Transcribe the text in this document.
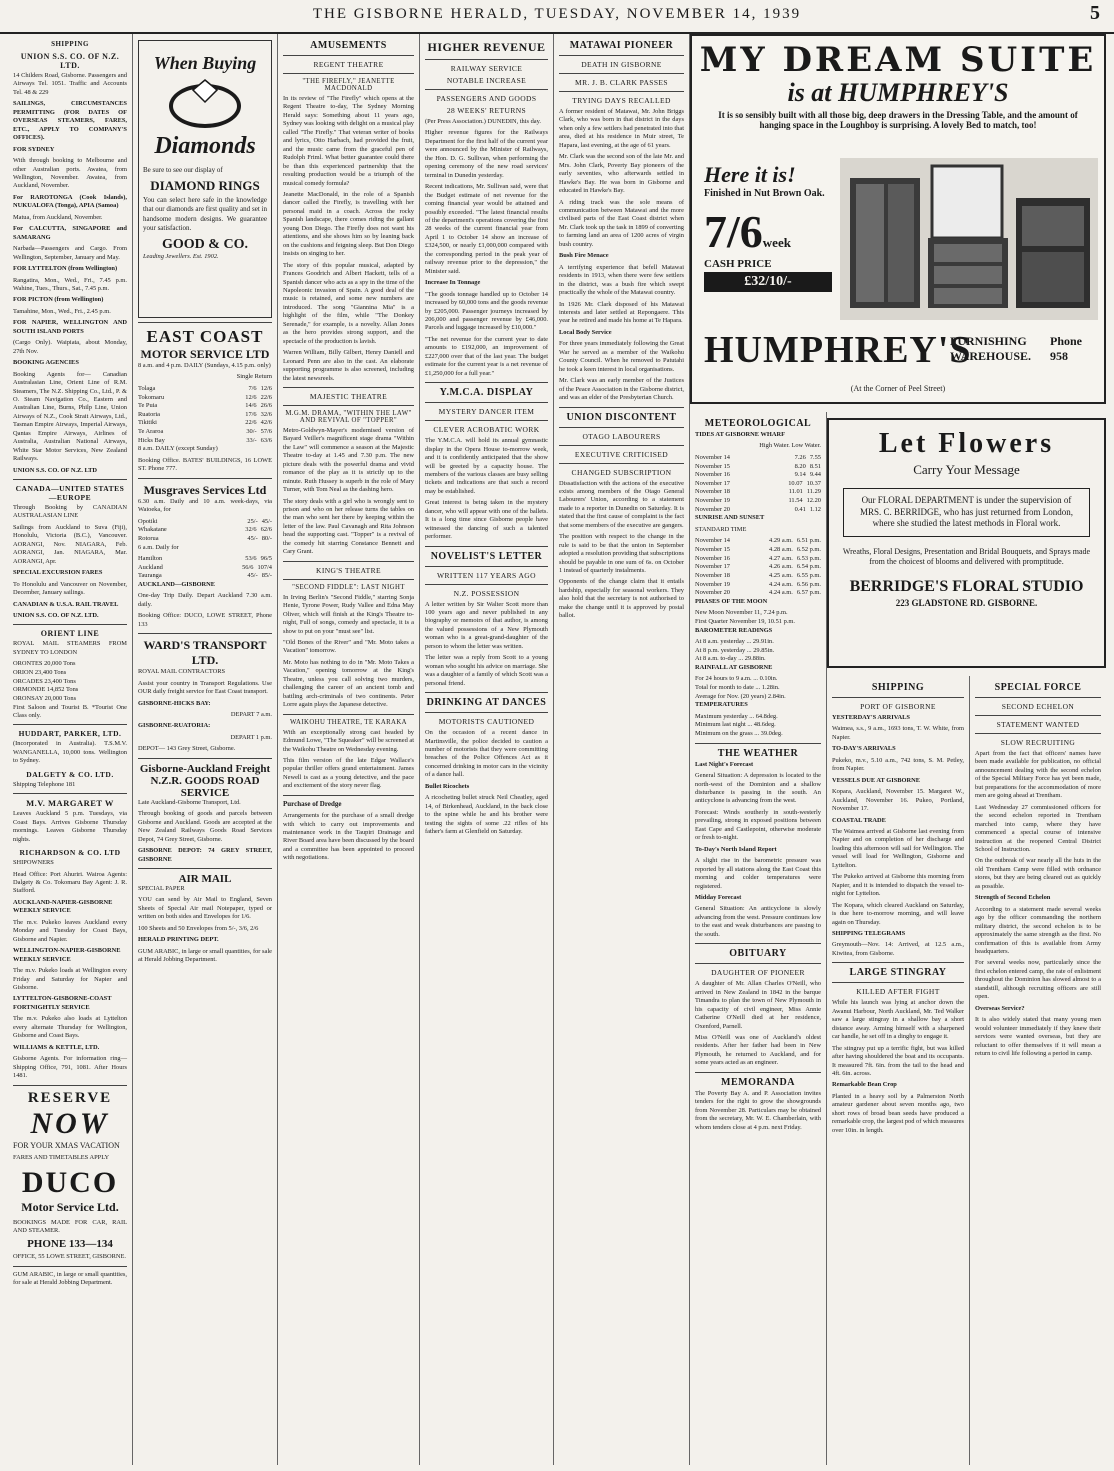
THE GISBORNE HERALD, TUESDAY, NOVEMBER 14, 1939	5
SHIPPING
UNION S.S. CO. OF N.Z. LTD.

14 Childers Road, Gisborne. Passengers and Airways Tel. 1051. Traffic and Accounts Tel. 48 & 229

SAILINGS, CIRCUMSTANCES PERMITTING (FOR DATES OF OVERSEAS STEAMERS, FARES, ETC., APPLY TO COMPANY'S OFFICES).

FOR SYDNEY

With through booking to Melbourne and other Australian ports. Awatea, from Wellington, November. Awatea, from Auckland, November.

For RAROTONGA (Cook Islands), NUKUALOFA (Tonga), APIA (Samoa)

Matua, from Auckland, November.

For CALCUTTA, SINGAPORE and SAMARANG

Narbada—Passengers and Cargo. From Wellington, September, January and May.

FOR LYTTELTON (from Wellington)

Rangatira, Mon., Wed., Fri., 7.45 p.m. Wahine, Tues., Thurs., Sat., 7.45 p.m.

FOR PICTON (from Wellington)

Tamahine, Mon., Wed., Fri., 2.45 p.m.

FOR NAPIER, WELLINGTON AND SOUTH ISLAND PORTS

(Cargo Only). Waipiata, about Monday, 27th Nov.

BOOKING AGENCIES

Booking Agents for— Canadian Australasian Line, Orient Line of R.M. Steamers, The N.Z. Shipping Co., Ltd., P. & O. Steam Navigation Co., Eastern and Australian Line, Burns, Philp Line, Union Airways of N.Z., Cook Strait Airways, Ltd., Tasman Empire Airways, Imperial Airways, Qantas Empire Airways, Airlines of Australia, Australian National Airways, White Star Motor Services, New Zealand Railways.

UNION S.S. CO. OF N.Z. LTD

CANADA—UNITED STATES —EUROPE

Through Booking by CANADIAN AUSTRALASIAN LINE

Sailings from Auckland to Suva (Fiji), Honolulu, Victoria (B.C.), Vancouver. AORANGI, Nov. NIAGARA, Feb. AORANGI, Jan. NIAGARA, Mar. AORANGI, Apr.

SPECIAL EXCURSION FARES

To Honolulu and Vancouver on November, December, January sailings.

CANADIAN & U.S.A. RAIL TRAVEL

UNION S.S. CO. OF N.Z. LTD.

ORIENT LINE

ROYAL MAIL STEAMERS FROM SYDNEY TO LONDON

ORONTES 20,000 Tons
ORION 23,400 Tons
ORCADES 23,400 Tons
ORMONDE 14,852 Tons
ORONSAY 20,000 Tons

First Saloon and Tourist B. *Tourist One Class only.

HUDDART, PARKER, LTD.

(Incorporated in Australia). T.S.M.V. WANGANELLA, 10,000 tons. Wellington to Sydney.

DALGETY & CO. LTD.

Shipping Telephone 181

M.V. MARGARET W

Leaves Auckland 5 p.m. Tuesdays, via Coast Bays. Arrives Gisborne Thursday mornings. Leaves Gisborne Thursday nights.

RICHARDSON & CO. LTD

SHIPOWNERS

Head Office: Port Ahuriri. Wairoa Agents: Dalgety & Co. Tokomaru Bay Agent: J. R. Stafford.

AUCKLAND-NAPIER-GISBORNE WEEKLY SERVICE

The m.v. Pukeko leaves Auckland every Monday and Tuesday for Coast Bays, Gisborne and Napier.

WELLINGTON-NAPIER-GISBORNE WEEKLY SERVICE

The m.v. Pukeko loads at Wellington every Friday and Saturday for Napier and Gisborne.

LYTTELTON-GISBORNE-COAST FORTNIGHTLY SERVICE

The m.v. Pukeko also loads at Lyttelton every alternate Thursday for Wellington, Gisborne and Coast Bays.

WILLIAMS & KETTLE, LTD.

Gisborne Agents. For information ring— Shipping Office, 791, 1081. After Hours 1481.

RESERVE
NOW

FOR YOUR XMAS VACATION

FARES AND TIMETABLES APPLY

DUCO
Motor Service Ltd.

BOOKINGS MADE FOR CAR, RAIL AND STEAMER.

PHONE 133—134

OFFICE, 55 LOWE STREET, GISBORNE.

GUM ARABIC, in large or small quantities, for sale at Herald Jobbing Department.

When Buying
Diamonds

Be sure to see our display of

DIAMOND RINGS

You can select here safe in the knowledge that our diamonds are first quality and set in handsome modern designs. We guarantee your satisfaction.

GOOD & CO.

Leading Jewellers. Est. 1902.

EAST COAST
MOTOR SERVICE LTD

8 a.m. and 4 p.m. DAILY (Sundays, 4.15 p.m. only)

Single Return

Tolaga	7/6 12/6
Tokomaru	12/6 22/6
Te Puia	14/6 26/6
Ruatoria	17/6 32/6
Tikitiki	22/6 42/6
Te Araroa	30/- 57/6
Hicks Bay	33/- 63/6

8 a.m. DAILY (except Sunday)

Booking Office. BATES' BUILDINGS, 16 LOWE ST. Phone 777.

Musgraves Services Ltd

6.30 a.m. Daily and 10 a.m. week-days, via Waioeka, for

Opotiki	25/- 45/-
Whakatane	32/6 62/6
Rotorua	45/- 80/-

6 a.m. Daily for

Hamilton	53/6 96/5
Auckland	56/6 107/4
Tauranga	45/- 85/-

AUCKLAND—GISBORNE

One-day Trip Daily. Depart Auckland 7.30 a.m. daily.

Booking Office: DUCO, LOWE STREET, Phone 133

WARD'S TRANSPORT LTD.

ROYAL MAIL CONTRACTORS

Assist your country in Transport Regulations. Use OUR daily freight service for East Coast transport.

GISBORNE-HICKS BAY:

DEPART 7 a.m.

GISBORNE-RUATORIA:

DEPART 1 p.m.

DEPOT— 143 Grey Street, Gisborne.

Gisborne-Auckland Freight
N.Z.R. GOODS ROAD SERVICE

Late Auckland-Gisborne Transport, Ltd.

Through booking of goods and parcels between Gisborne and Auckland. Goods are accepted at the New Zealand Railways Goods Road Services Depot, 74 Grey Street, Gisborne.

GISBORNE DEPOT: 74 GREY STREET, GISBORNE

AIR MAIL

SPECIAL PAPER

YOU can send by Air Mail to England, Seven Sheets of Special Air mail Notepaper, typed or written on both sides and Envelopes for 1/6.

100 Sheets and 50 Envelopes from 5/-, 3/6, 2/6

HERALD PRINTING DEPT.

GUM ARABIC, in large or small quantities, for sale at Herald Jobbing Department.

AMUSEMENTS
REGENT THEATRE
"THE FIREFLY," JEANETTE MACDONALD

In its review of "The Firefly" which opens at the Regent Theatre to-day, The Sydney Morning Herald says: Something about 11 years ago, Sydney was looking with delight on a musical play called "The Firefly." That veteran writer of books and lyrics, Otto Harbach, had provided the fruit, and the music came from the graceful pen of Rudolph Friml. What better guarantee could there be than this experienced partnership that the resulting production would be a triumph of the musical comedy formula?

Jeanette MacDonald, in the role of a Spanish dancer called the Firefly, is travelling with her personal maid in a coach. Across the rocky Spanish landscape, there comes riding the gallant young Don Diego. The Firefly does not want his attentions, and she shows him so by leaning back on the cushions and feigning sleep. But Don Diego insists on singing to her.

The story of this popular musical, adapted by Frances Goodrich and Albert Hackett, tells of a Spanish dancer who acts as a spy in the time of the Napoleonic invasion of Spain. A good deal of the music is retained, and some new numbers are introduced. The song "Giannina Mia" is a highlight of the film, while "The Donkey Serenade," for example, is a novelty. Allan Jones as the hero provides strong support, and the spectacle of the production is lavish.

Warren William, Billy Gilbert, Henry Daniell and Leonard Penn are also in the cast. An elaborate supporting programme is also screened, including the latest newsreels.

MAJESTIC THEATRE
M.G.M. DRAMA, "WITHIN THE LAW" AND REVIVAL OF "TOPPER"

Metro-Goldwyn-Mayer's modernised version of Bayard Veiller's magnificent stage drama "Within the Law" will commence a season at the Majestic Theatre to-day at 1.45 and 7.30 p.m. The new picture deals with the powerful drama and vivid romance of the play as it is strictly up to the minute. Ruth Hussey is superb in the role of Mary Turner, with Tom Neal as the dashing hero.

The story deals with a girl who is wrongly sent to prison and who on her release turns the tables on the man who sent her there by keeping within the letter of the law. Paul Cavanagh and Rita Johnson head the supporting cast. "Topper" is a revival of the comedy hit starring Constance Bennett and Cary Grant.

KING'S THEATRE
"SECOND FIDDLE": LAST NIGHT

In Irving Berlin's "Second Fiddle," starring Sonja Henie, Tyrone Power, Rudy Vallee and Edna May Oliver, which will finish at the King's Theatre to-night, Full of songs, comedy and spectacle, it is a show to put on your "must see" list.

"Old Bones of the River" and "Mr. Moto takes a Vacation" tomorrow.

Mr. Moto has nothing to do in "Mr. Moto Takes a Vacation," opening tomorrow at the King's Theatre, unless you call solving two murders, challenging the career of an ancient tomb and battling arch-criminals of two continents. Peter Lorre again plays the Japanese detective.

WAIKOHU THEATRE, TE KARAKA

With an exceptionally strong cast headed by Edmund Lowe, "The Squeaker" will be screened at the Waikohu Theatre on Wednesday evening.

This film version of the late Edgar Wallace's popular thriller offers grand entertainment. James Newell is cast as a young detective, and the pace and excitement of the story never flag.

Purchase of Dredge

Arrangements for the purchase of a small dredge with which to carry out improvements and maintenance work in the Taupiri Drainage and River Board area have been discussed by the board and a committee has been appointed to proceed with negotiations.

HIGHER REVENUE
RAILWAY SERVICE
NOTABLE INCREASE
PASSENGERS AND GOODS
28 WEEKS' RETURNS

(Per Press Association.) DUNEDIN, this day.

Higher revenue figures for the Railways Department for the first half of the current year were announced by the Minister of Railways, the Hon. D. G. Sullivan, when performing the opening ceremony of the new road services' terminal in Dunedin yesterday.

Recent indications, Mr. Sullivan said, were that the Budget estimate of net revenue for the coming financial year would be attained and possibly exceeded. "The latest financial results of the department's operations covering the first 28 weeks of the current financial year from April 1 to October 14 show an increase of £324,500, or nearly £1,000,000 compared with the corresponding period in the peak year of railway revenue prior to the depression," the Minister said.

Increase In Tonnage

"The goods tonnage handled up to October 14 increased by 60,000 tons and the goods revenue by £205,000. Passenger journeys increased by 206,000 and passenger revenue by £46,000. Parcels and luggage increased by £10,000."

"The net revenue for the current year to date amounts to £192,000, an improvement of £227,000 over that of the last year. The budget estimate for the current year is a net revenue of £1,250,000 for a full year."

Y.M.C.A. DISPLAY
MYSTERY DANCER ITEM
CLEVER ACROBATIC WORK

The Y.M.C.A. will hold its annual gymnastic display in the Opera House to-morrow week, and it is confidently anticipated that the show will be greeted by a capacity house. The members of the various classes are busy selling tickets and indications are that such a record may be established.

Great interest is being taken in the mystery dancer, who will appear with one of the ballets. It is a long time since Gisborne people have witnessed the dancing of such a talented performer.

NOVELIST'S LETTER
WRITTEN 117 YEARS AGO
N.Z. POSSESSION

A letter written by Sir Walter Scott more than 100 years ago and never published in any biography or memoirs of that author, is among the valued possessions of a New Plymouth woman who is a great-grand-daughter of the person to whom the letter was written.

The letter was a reply from Scott to a young woman who sought his advice on marriage. She was a daughter of a family of which Scott was a personal friend.

DRINKING AT DANCES
MOTORISTS CAUTIONED

On the occasion of a recent dance in Martinsville, the police decided to caution a number of motorists that they were committing breaches of the Police Offences Act as it concerned drinking in motor cars in the vicinity of a dance hall.

Bullet Ricochets

A ricocheting bullet struck Neil Cheatley, aged 14, of Birkenhead, Auckland, in the back close to the spine while he and his brother were testing the sights of some .22 rifles of his father's farm at Glenfield on Saturday.

MATAWAI PIONEER
DEATH IN GISBORNE
MR. J. B. CLARK PASSES
TRYING DAYS RECALLED

A former resident of Matawai, Mr. John Briggs Clark, who was born in that district in the days when only a few settlers had penetrated into that area, died at his residence in Muir street, Te Hapara, last evening, at the age of 61 years.

Mr. Clark was the second son of the late Mr. and Mrs. John Clark, Poverty Bay pioneers of the early seventies, who afterwards settled in Hawke's Bay. He was born in Gisborne and educated in Hawke's Bay.

A riding track was the sole means of communication between Matawai and the more civilised parts of the East Coast district when Mr. Clark took up the task in 1899 of converting to farming land an area of 1200 acres of virgin bush country.

Bush Fire Menace

A terrifying experience that befell Matawai residents in 1913, when there were few settlers in the district, was a bush fire which swept practically the whole of the Matawai country.

In 1926 Mr. Clark disposed of his Matawai interests and later settled at Repongaere. This year he retired and made his home at Te Hapara.

Local Body Service

For three years immediately following the Great War he served as a member of the Waikohu County Council. When he removed to Patutahi he took a keen interest in local organisations.

Mr. Clark was an early member of the Justices of the Peace Association in the Gisborne district, and was an elder of the Presbyterian Church.

UNION DISCONTENT
OTAGO LABOURERS
EXECUTIVE CRITICISED
CHANGED SUBSCRIPTION

Dissatisfaction with the actions of the executive exists among members of the Otago General Labourers' Union, according to a statement made to a reporter in Dunedin on Saturday. It is stated that the first cause of complaint is the fact that some members of the executive are gangers.

The position with respect to the change in the rule is said to be that the union in September adopted a resolution providing that subscriptions should be payable in one sum of 6s. on October 1 instead of quarterly instalments.

Opponents of the change claim that it entails hardship, especially for seasonal workers. They also hold that the secretary is not authorised to make the change until it is approved by postal ballot.

MY DREAM SUITE
is at HUMPHREY'S
It is so sensibly built with all those big, deep drawers in the Dressing Table, and the amount of hanging space in the Loughboy is surprising. A lovely Bed to match, too!
Here it is!
Finished in Nut Brown Oak.
7/6week
CASH PRICE
£32/10/-
HUMPHREY'S
FURNISHING WAREHOUSE.
Phone 958
(At the Corner of Peel Street)
METEOROLOGICAL

TIDES AT GISBORNE WHARF

High Water. Low Water.

November 14	7.26 7.55
November 15	8.20 8.51
November 16	9.14 9.44
November 17	10.07 10.37
November 18	11.01 11.29
November 19	11.54 12.20
November 20	0.41 1.12

SUNRISE AND SUNSET

STANDARD TIME

November 14	4.29 a.m. 6.51 p.m.
November 15	4.28 a.m. 6.52 p.m.
November 16	4.27 a.m. 6.53 p.m.
November 17	4.26 a.m. 6.54 p.m.
November 18	4.25 a.m. 6.55 p.m.
November 19	4.24 a.m. 6.56 p.m.
November 20	4.24 a.m. 6.57 p.m.

PHASES OF THE MOON

New Moon November 11, 7.24 p.m.
First Quarter November 19, 10.51 p.m.

BAROMETER READINGS

At 8 a.m. yesterday ... 29.91in.
At 8 p.m. yesterday ... 29.85in.
At 8 a.m. to-day ... 29.88in.

RAINFALL AT GISBORNE

For 24 hours to 9 a.m. ... 0.10in.
Total for month to date ... 1.28in.
Average for Nov. (20 years) 2.84in.

TEMPERATURES

Maximum yesterday ... 64.8deg.
Minimum last night ... 48.6deg.
Minimum on the grass ... 39.0deg.
THE WEATHER

Last Night's Forecast

General Situation: A depression is located to the north-west of the Dominion and a shallow disturbance is passing in the south. An anticyclone is advancing from the west.

Forecast: Winds southerly in south-westerly prevailing, strong in exposed positions between East Cape and Castlepoint, otherwise moderate or fresh to-night.

To-Day's North Island Report

A slight rise in the barometric pressure was reported by all stations along the East Coast this morning and colder temperatures were registered.

Midday Forecast

General Situation: An anticyclone is slowly advancing from the west. Pressure continues low to the east and weak disturbances are passing to the south.

OBITUARY
DAUGHTER OF PIONEER

A daughter of Mr. Allan Charles O'Neill, who arrived in New Zealand in 1842 in the barque Timandra to plan the town of New Plymouth in his capacity of civil engineer, Miss Annie Catherine O'Neill died at her residence, Oxenford, Parnell.

Miss O'Neill was one of Auckland's oldest residents. After her father had been in New Plymouth, he returned to Auckland, and for some years acted as an engineer.

MEMORANDA

The Poverty Bay A. and P. Association invites tenders for the right to grow the showgrounds from November 28. Particulars may be obtained from the secretary, Mr. W. E. Chamberlain, with whom tenders close at 4 p.m. next Friday.

Let Flowers
Carry Your Message
Our FLORAL DEPARTMENT is under the supervision of MRS. C. BERRIDGE, who has just returned from London, where she studied the latest methods in Floral work.
Wreaths, Floral Designs, Presentation and Bridal Bouquets, and Sprays made from the choicest of blooms and delivered with promptitude.
BERRIDGE'S FLORAL STUDIO
223 GLADSTONE RD. GISBORNE.
SHIPPING
PORT OF GISBORNE

YESTERDAY'S ARRIVALS

Waimea, s.s., 9 a.m., 1693 tons, T. W. White, from Napier.

TO-DAY'S ARRIVALS

Pukeko, m.v., 5.10 a.m., 742 tons, S. M. Petley, from Napier.

VESSELS DUE AT GISBORNE

Kopara, Auckland, November 15. Margaret W., Auckland, November 16. Pukeo, Portland, November 17.

COASTAL TRADE

The Waimea arrived at Gisborne last evening from Napier and on completion of her discharge and loading this afternoon will sail for Wellington. The vessel will load for Wellington, Gisborne and Lyttelton.

The Pukeko arrived at Gisborne this morning from Napier, and it is intended to dispatch the vessel to-night for Lyttelton.

The Kopara, which cleared Auckland on Saturday, is due here to-morrow morning, and will leave again on Thursday.

SHIPPING TELEGRAMS

Greymouth—Nov. 14: Arrived, at 12.5 a.m., Kiwitea, from Gisborne.

LARGE STINGRAY
KILLED AFTER FIGHT

While his launch was lying at anchor down the Awanui Harbour, North Auckland, Mr. Ted Walker saw a large stingray in a shallow bay a short distance away. Arming himself with a sharpened car handle, he set off in a dinghy to engage it.

The stingray put up a terrific fight, but was killed after having shouldered the boat and its occupants. It measured 7ft. 6in. from the tail to the head and 4ft. 6in. across.

Remarkable Bean Crop

Planted in a heavy soil by a Palmerston North amateur gardener about seven months ago, two short rows of broad bean seeds have produced a remarkable crop, the largest pod of which measures over 10in. in length.

SPECIAL FORCE
SECOND ECHELON
STATEMENT WANTED
SLOW RECRUITING

Apart from the fact that officers' names have been made available for publication, no official announcement dealing with the second echelon of the Special Military Force has yet been made, but preparations for the accommodation of more men are going ahead at Trentham.

Last Wednesday 27 commissioned officers for the second echelon reported in Trentham marched into camp, where they have commenced a special course of intensive instruction at the reopened Central District School of Instruction.

On the outbreak of war nearly all the huts in the old Trentham Camp were filled with ordnance stores, but they are being cleared out as quickly as possible.

Strength of Second Echelon

According to a statement made several weeks ago by the officer commanding the northern military district, the second echelon is to be approximately the same strength as the first. No confirmation of this is available from Army headquarters.

For several weeks now, particularly since the first echelon entered camp, the rate of enlistment throughout the Dominion has slowed almost to a standstill, although recruiting officers are still open.

Overseas Service?

It is also widely stated that many young men would volunteer immediately if they knew their services were wanted overseas, but they are reluctant to offer themselves if it will mean a return to civil life following a period in camp.
